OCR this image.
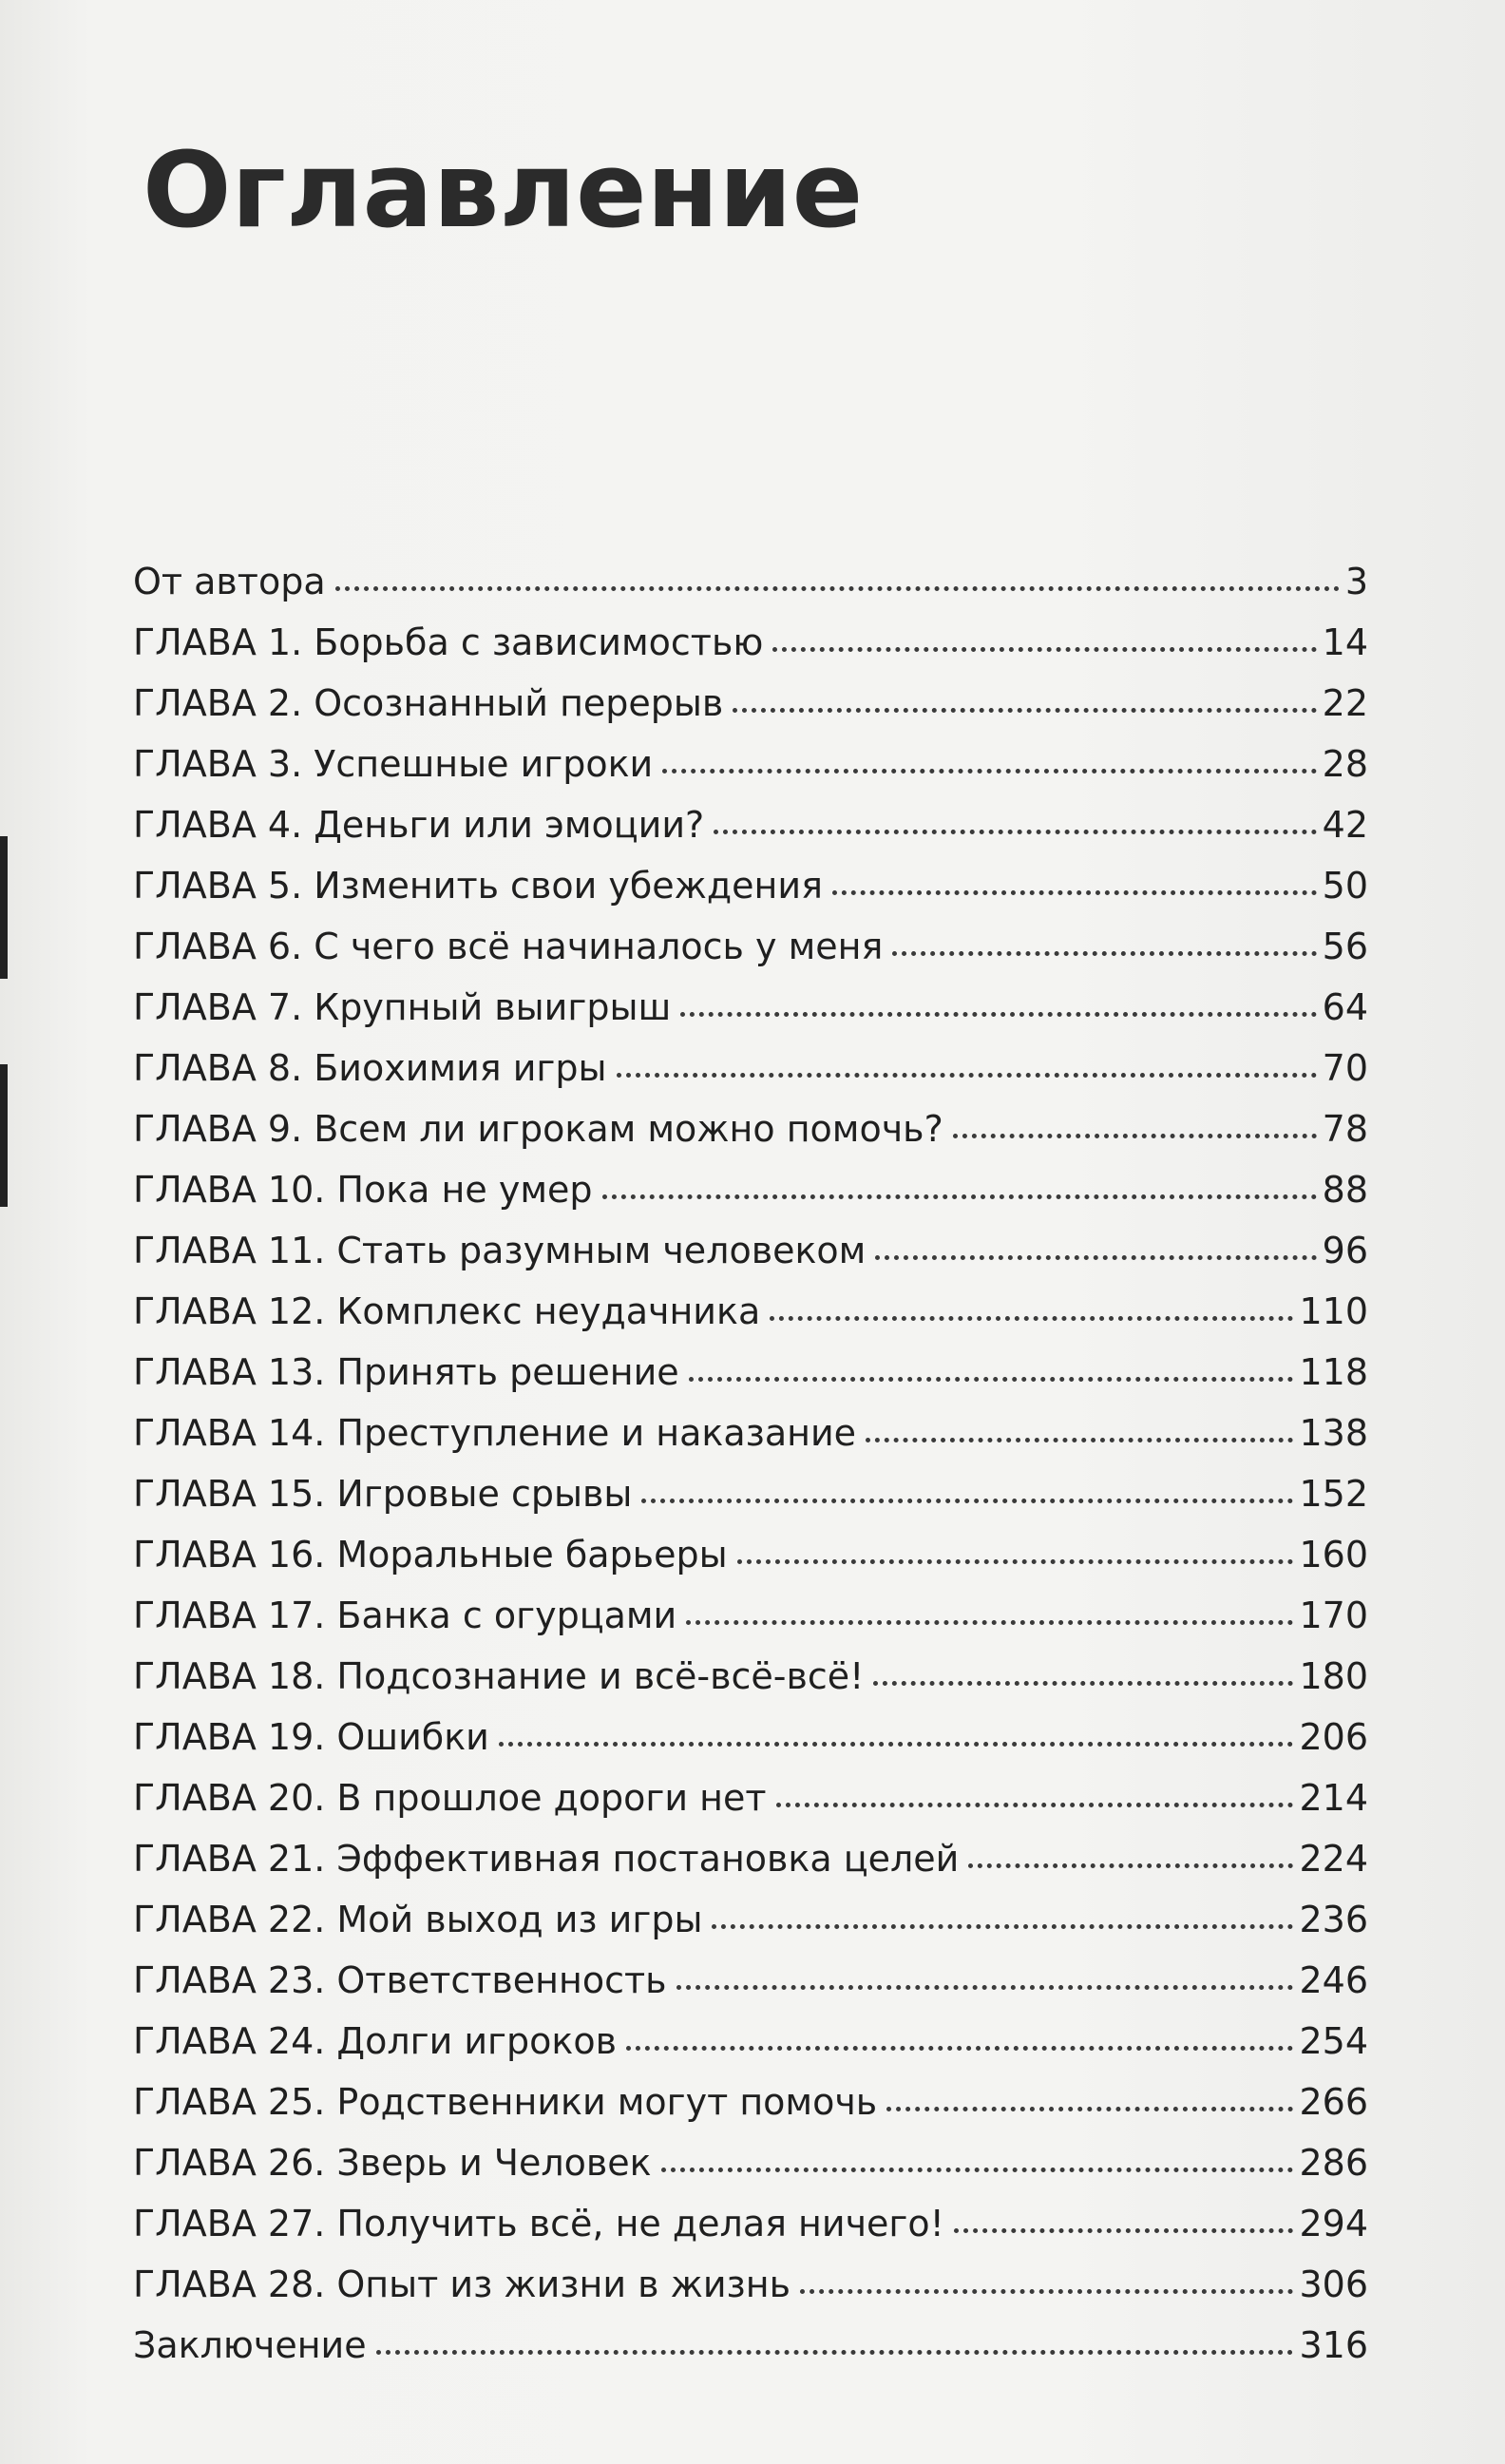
Оглавление
От автора	3
ГЛАВА 1. Борьба с зависимостью	14
ГЛАВА 2. Осознанный перерыв	22
ГЛАВА 3. Успешные игроки	28
ГЛАВА 4. Деньги или эмоции?	42
ГЛАВА 5. Изменить свои убеждения	50
ГЛАВА 6. С чего всё начиналось у меня	56
ГЛАВА 7. Крупный выигрыш	64
ГЛАВА 8. Биохимия игры	70
ГЛАВА 9. Всем ли игрокам можно помочь?	78
ГЛАВА 10. Пока не умер	88
ГЛАВА 11. Стать разумным человеком	96
ГЛАВА 12. Комплекс неудачника	110
ГЛАВА 13. Принять решение	118
ГЛАВА 14. Преступление и наказание	138
ГЛАВА 15. Игровые срывы	152
ГЛАВА 16. Моральные барьеры	160
ГЛАВА 17. Банка с огурцами	170
ГЛАВА 18. Подсознание и всё-всё-всё!	180
ГЛАВА 19. Ошибки	206
ГЛАВА 20. В прошлое дороги нет	214
ГЛАВА 21. Эффективная постановка целей	224
ГЛАВА 22. Мой выход из игры	236
ГЛАВА 23. Ответственность	246
ГЛАВА 24. Долги игроков	254
ГЛАВА 25. Родственники могут помочь	266
ГЛАВА 26. Зверь и Человек	286
ГЛАВА 27. Получить всё, не делая ничего!	294
ГЛАВА 28. Опыт из жизни в жизнь	306
Заключение	316
